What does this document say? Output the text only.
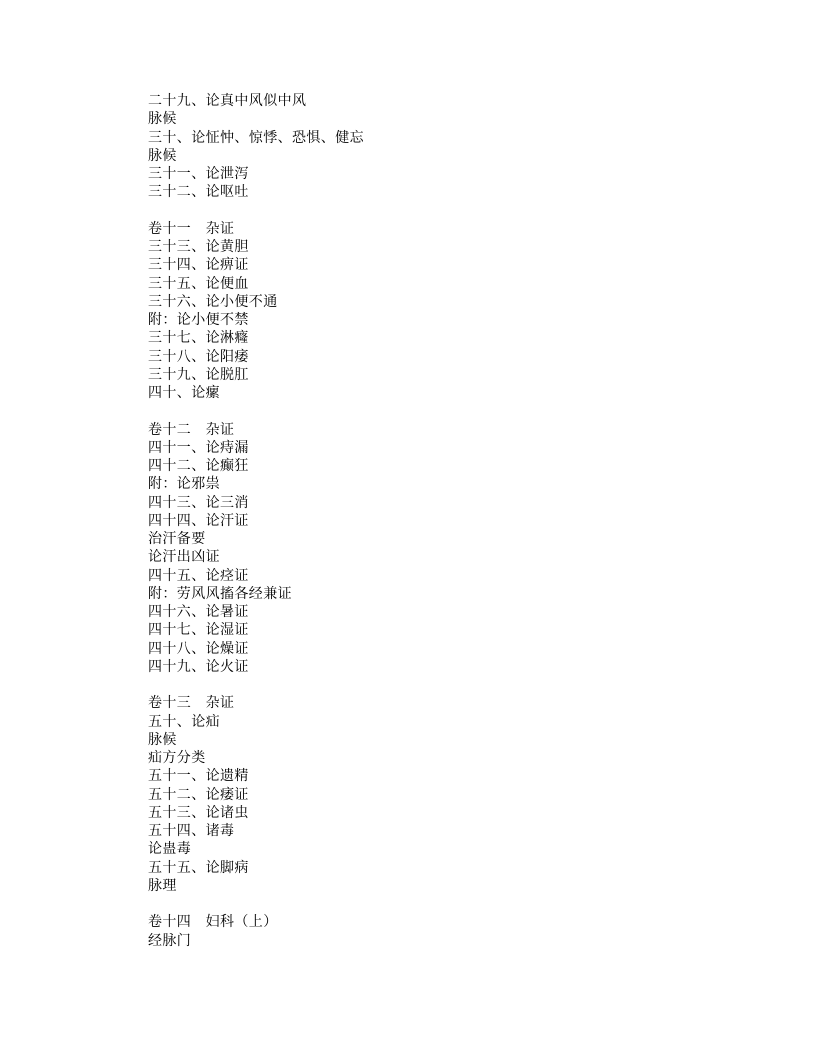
二十九、论真中风似中风
脉候
三十、论怔忡、惊悸、恐惧、健忘
脉候
三十一、论泄泻
三十二、论呕吐
卷十一　杂证
三十三、论黄胆
三十四、论痹证
三十五、论便血
三十六、论小便不通
附：论小便不禁
三十七、论淋癃
三十八、论阳痿
三十九、论脱肛
四十、论瘰
卷十二　杂证
四十一、论痔漏
四十二、论癫狂
附：论邪祟
四十三、论三消
四十四、论汗证
治汗备要
论汗出凶证
四十五、论痉证
附：劳风风搐各经兼证
四十六、论暑证
四十七、论湿证
四十八、论燥证
四十九、论火证
卷十三　杂证
五十、论疝
脉候
疝方分类
五十一、论遗精
五十二、论痿证
五十三、论诸虫
五十四、诸毒
论蛊毒
五十五、论脚病
脉理
卷十四　妇科（上）
经脉门
